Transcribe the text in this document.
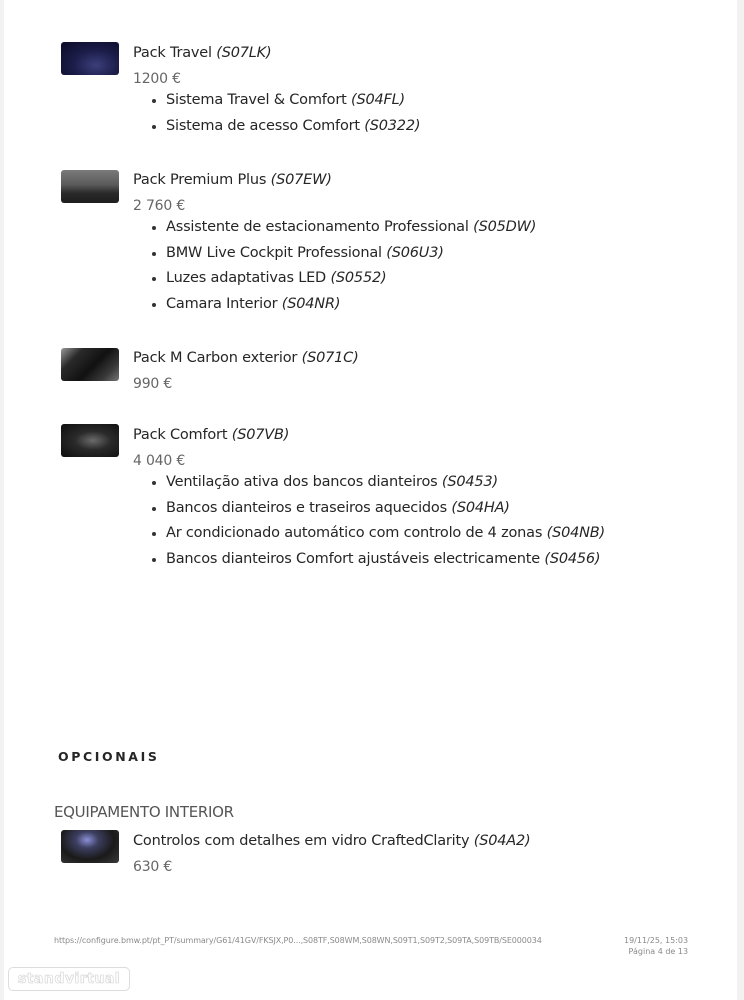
Pack Travel (S07LK)
1200 €
Sistema Travel & Comfort (S04FL)
Sistema de acesso Comfort (S0322)
Pack Premium Plus (S07EW)
2 760 €
Assistente de estacionamento Professional (S05DW)
BMW Live Cockpit Professional (S06U3)
Luzes adaptativas LED (S0552)
Camara Interior (S04NR)
Pack M Carbon exterior (S071C)
990 €
Pack Comfort (S07VB)
4 040 €
Ventilação ativa dos bancos dianteiros (S0453)
Bancos dianteiros e traseiros aquecidos (S04HA)
Ar condicionado automático com controlo de 4 zonas (S04NB)
Bancos dianteiros Comfort ajustáveis electricamente (S0456)
OPCIONAIS
EQUIPAMENTO INTERIOR
Controlos com detalhes em vidro CraftedClarity (S04A2)
630 €
https://configure.bmw.pt/pt_PT/summary/G61/41GV/FKSJX,P0...,S08TF,S08WM,S08WN,S09T1,S09T2,S09TA,S09TB/SE000034	19/11/25, 15:03
Página 4 de 13
standvirtual
